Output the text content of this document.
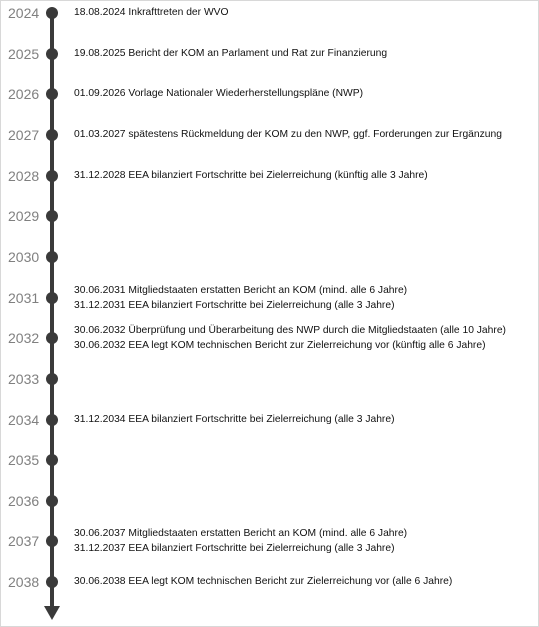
2024	18.08.2024 Inkrafttreten der WVO
2025	19.08.2025 Bericht der KOM an Parlament und Rat zur Finanzierung
2026	01.09.2026 Vorlage Nationaler Wiederherstellungspläne (NWP)
2027	01.03.2027 spätestens Rückmeldung der KOM zu den NWP, ggf. Forderungen zur Ergänzung
2028	31.12.2028 EEA bilanziert Fortschritte bei Zielerreichung (künftig alle 3 Jahre)
2029
2030
2031	30.06.2031 Mitgliedstaaten erstatten Bericht an KOM (mind. alle 6 Jahre)
31.12.2031 EEA bilanziert Fortschritte bei Zielerreichung (alle 3 Jahre)
2032	30.06.2032 Überprüfung und Überarbeitung des NWP durch die Mitgliedstaaten (alle 10 Jahre)
30.06.2032 EEA legt KOM technischen Bericht zur Zielerreichung vor (künftig alle 6 Jahre)
2033
2034	31.12.2034 EEA bilanziert Fortschritte bei Zielerreichung (alle 3 Jahre)
2035
2036
2037	30.06.2037 Mitgliedstaaten erstatten Bericht an KOM (mind. alle 6 Jahre)
31.12.2037 EEA bilanziert Fortschritte bei Zielerreichung (alle 3 Jahre)
2038	30.06.2038 EEA legt KOM technischen Bericht zur Zielerreichung vor (alle 6 Jahre)
